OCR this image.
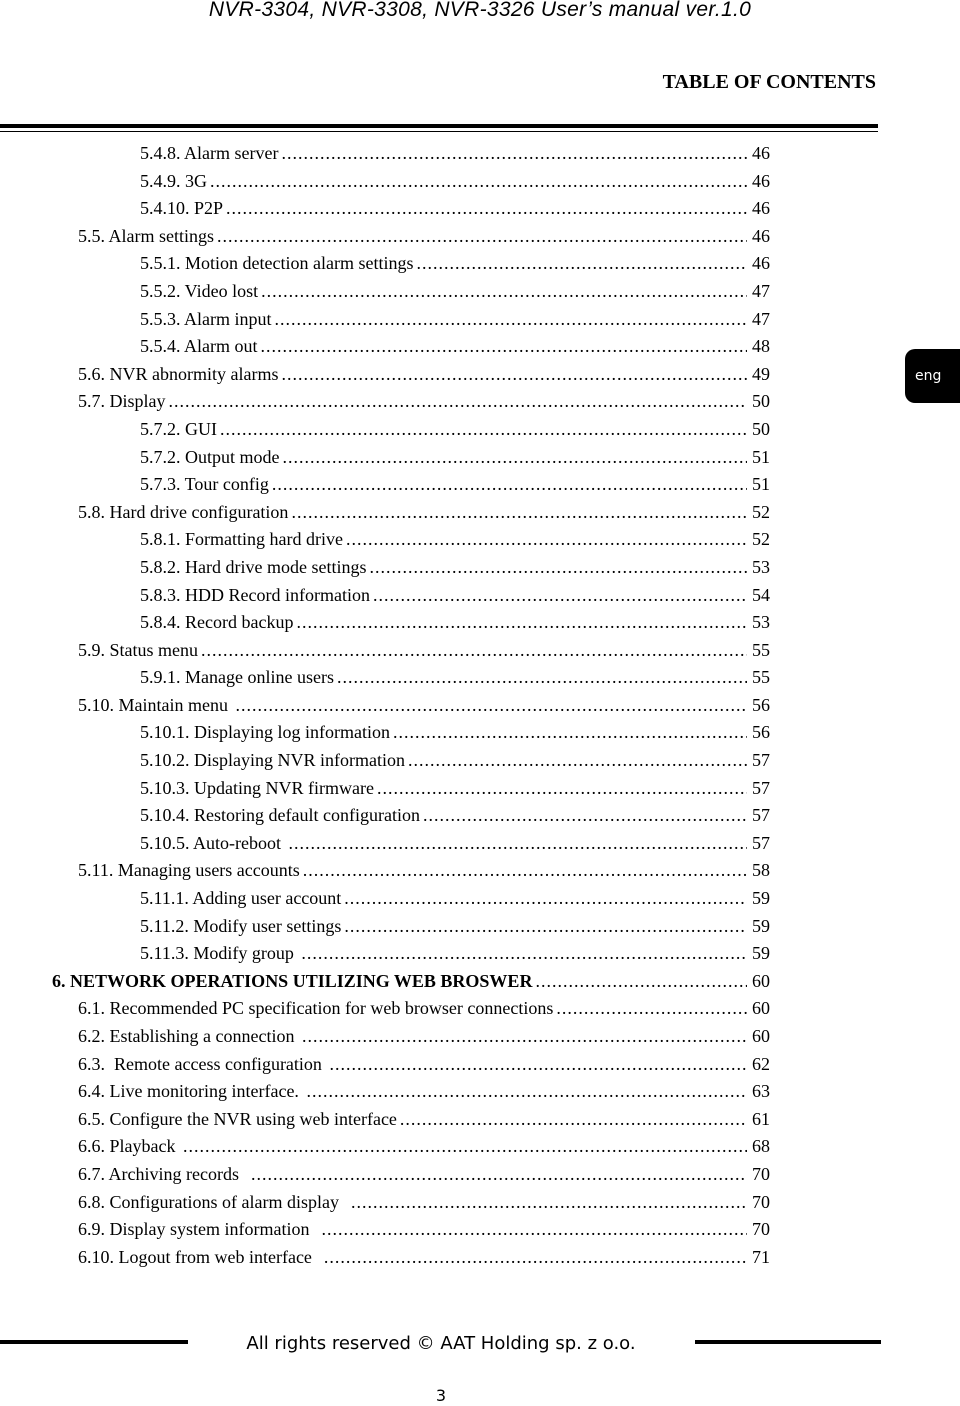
NVR-3304, NVR-3308, NVR-3326 User’s manual ver.1.0
TABLE OF CONTENTS
eng
5.4.8. Alarm server .....	46
5.4.9. 3G .....	46
5.4.10. P2P .....	46
5.5. Alarm settings .....	46
5.5.1. Motion detection alarm settings .....	46
5.5.2. Video lost .....	47
5.5.3. Alarm input .....	47
5.5.4. Alarm out .....	48
5.6. NVR abnormity alarms .....	49
5.7. Display .....	50
5.7.2. GUI .....	50
5.7.2. Output mode .....	51
5.7.3. Tour config .....	51
5.8. Hard drive configuration .....	52
5.8.1. Formatting hard drive .....	52
5.8.2. Hard drive mode settings .....	53
5.8.3. HDD Record information .....	54
5.8.4. Record backup .....	53
5.9. Status menu .....	55
5.9.1. Manage online users .....	55
5.10. Maintain menu .....	56
5.10.1. Displaying log information .....	56
5.10.2. Displaying NVR information .....	57
5.10.3. Updating NVR firmware .....	57
5.10.4. Restoring default configuration .....	57
5.10.5. Auto-reboot .....	57
5.11. Managing users accounts .....	58
5.11.1. Adding user account .....	59
5.11.2. Modify user settings .....	59
5.11.3. Modify group .....	59
6. NETWORK OPERATIONS UTILIZING WEB BROSWER .....	60
6.1. Recommended PC specification for web browser connections .....	60
6.2. Establishing a connection .....	60
6.3.  Remote access configuration .....	62
6.4. Live monitoring interface. .....	63
6.5. Configure the NVR using web interface .....	61
6.6. Playback .....	68
6.7. Archiving records .....	70
6.8. Configurations of alarm display .....	70
6.9. Display system information .....	70
6.10. Logout from web interface .....	71
All rights reserved © AAT Holding sp. z o.o.
3
